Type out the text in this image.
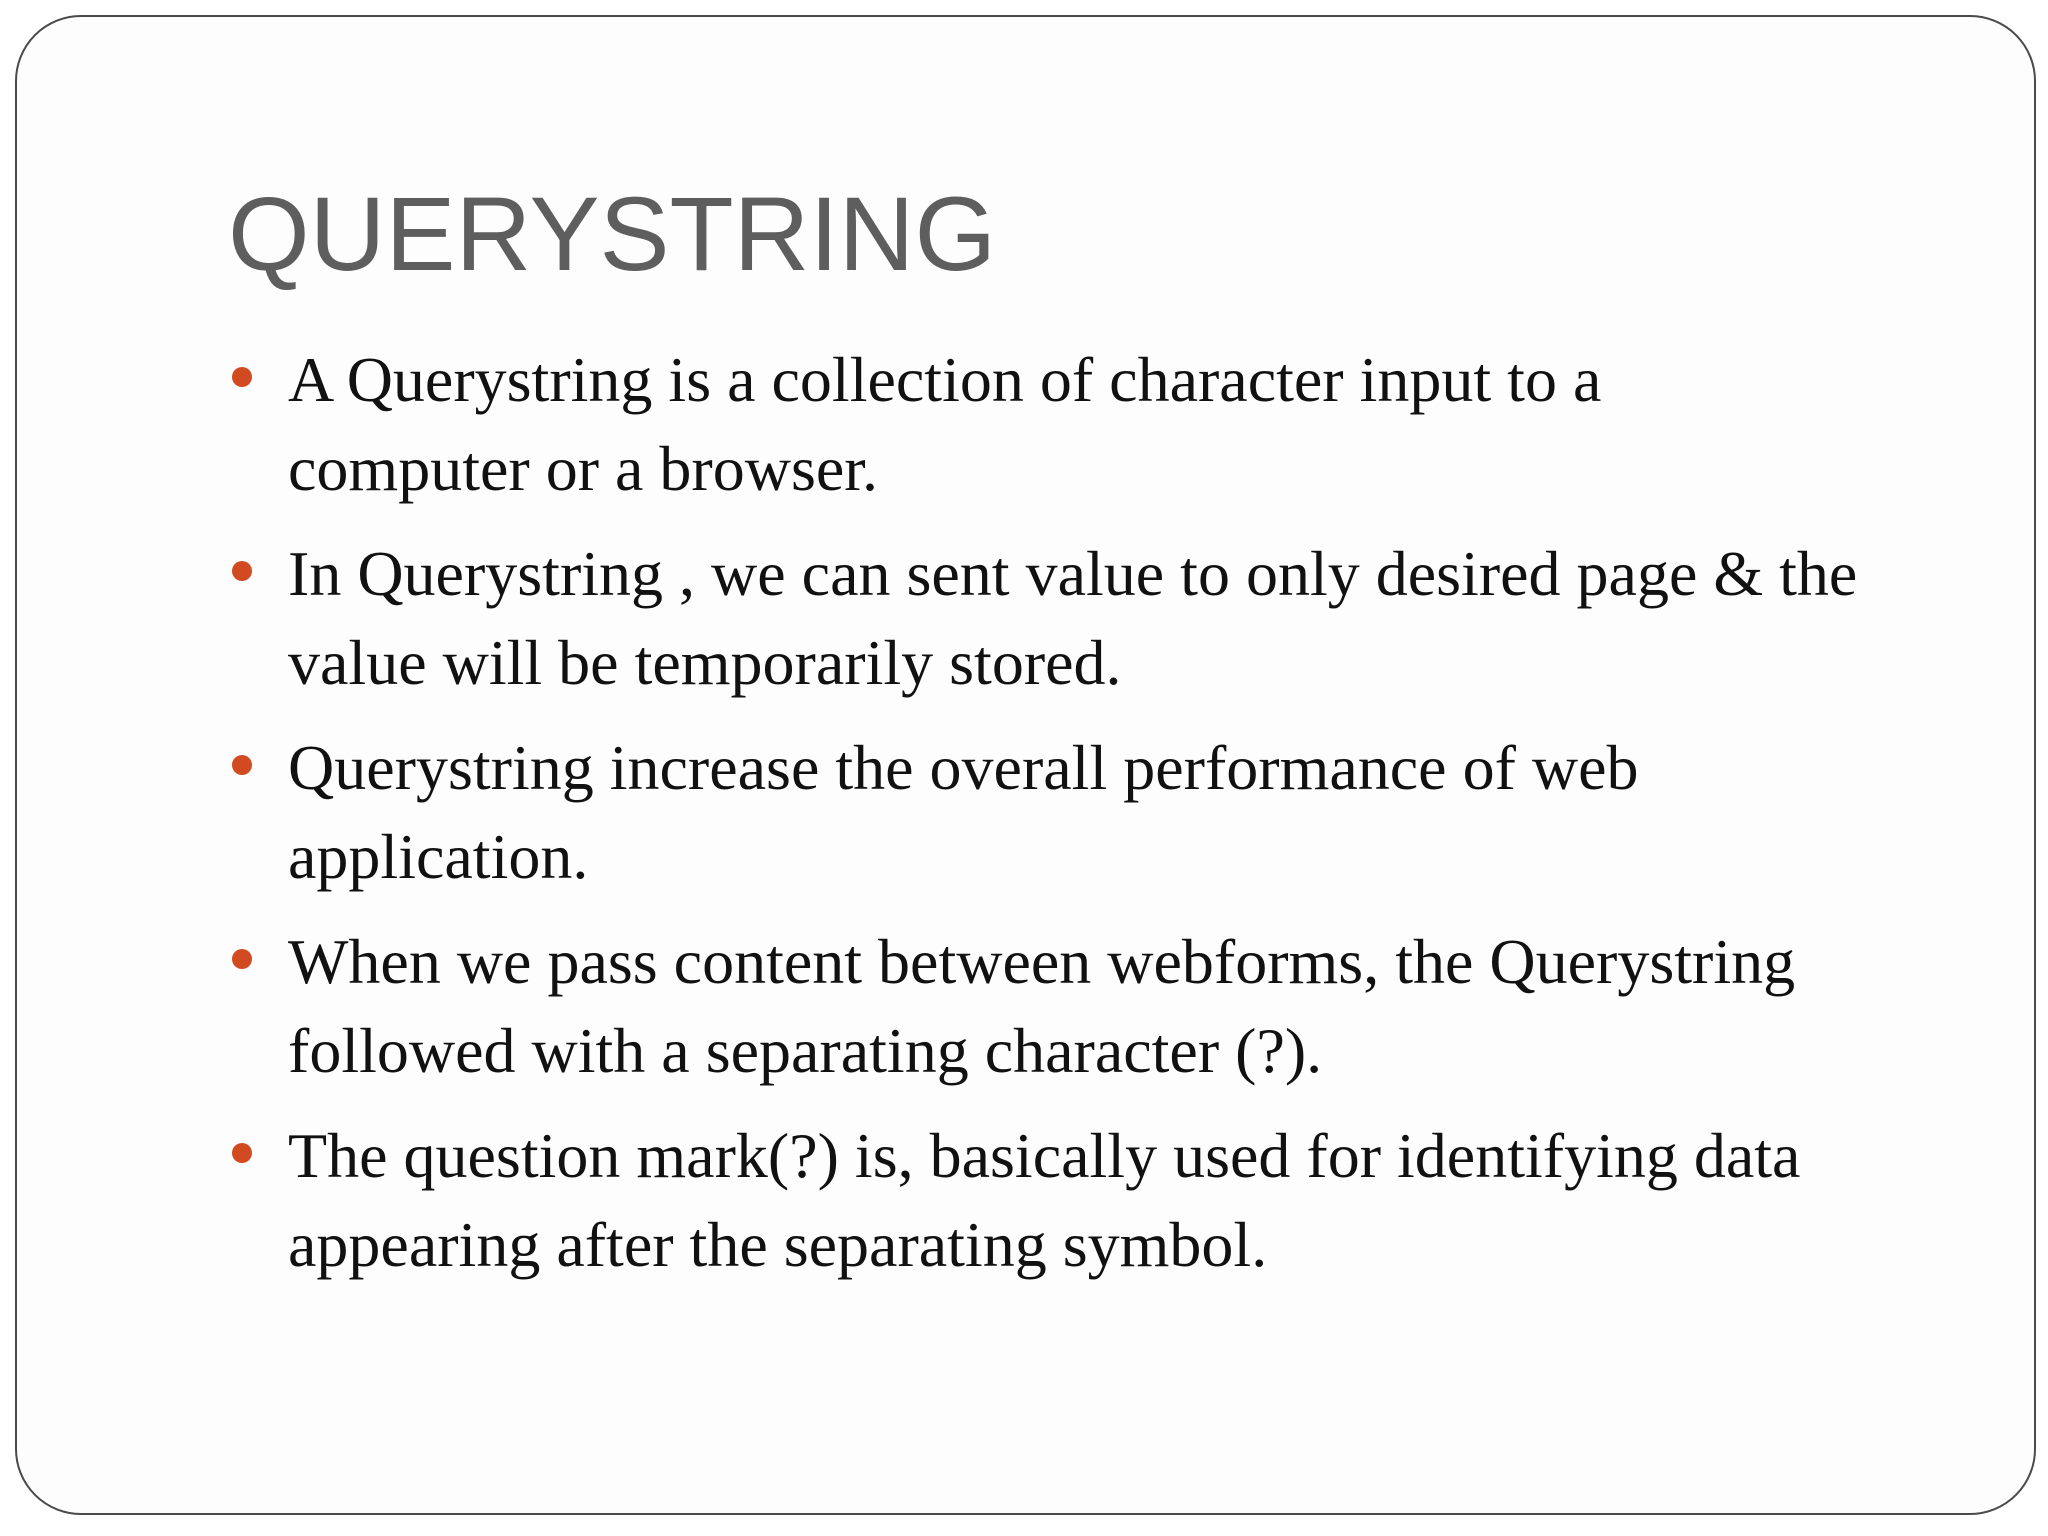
QUERYSTRING
A Querystring is a collection of character input to a
computer or a browser.
In Querystring , we can sent value to only desired page & the
value will be temporarily stored.
Querystring increase the overall performance of web
application.
When we pass content between webforms, the Querystring
followed with a separating character (?).
The question mark(?) is, basically used for identifying data
appearing after the separating symbol.
